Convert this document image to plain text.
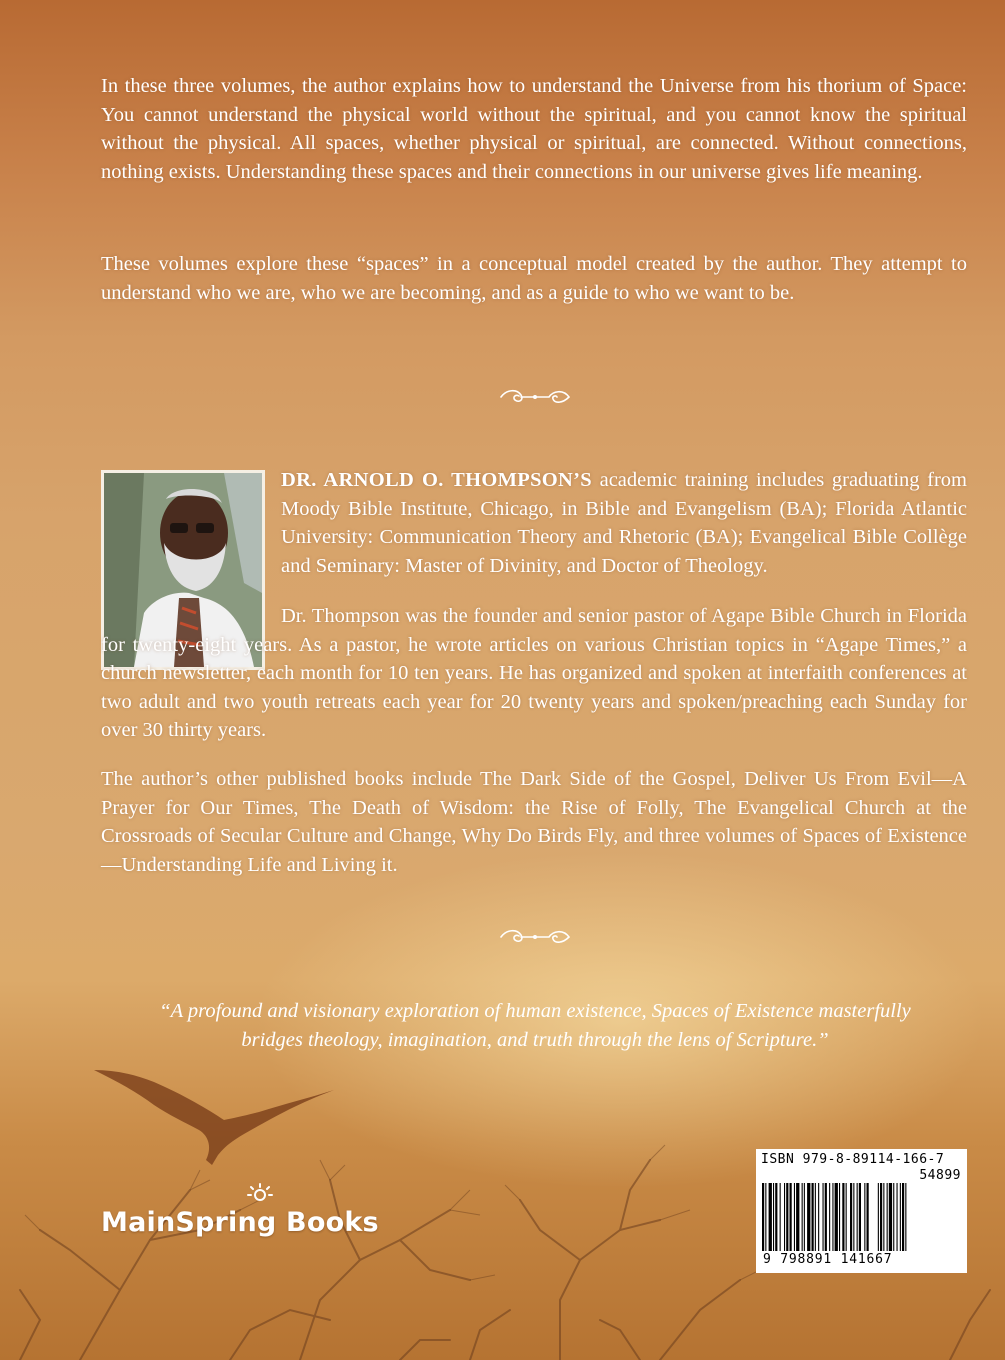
In these three volumes, the author explains how to understand the Universe from his thorium of Space: You cannot understand the physical world without the spiritual, and you cannot know the spiritual without the physical. All spaces, whether physical or spiritual, are connected. Without connections, nothing exists. Understanding these spaces and their connections in our universe gives life meaning.

These volumes explore these “spaces” in a conceptual model created by the author. They attempt to understand who we are, who we are becoming, and as a guide to who we want to be.

DR. ARNOLD O. THOMPSON’S academic training includes graduating from Moody Bible Institute, Chicago, in Bible and Evangelism (BA); Florida Atlantic University: Communication Theory and Rhetoric (BA); Evangelical Bible Collège and Seminary: Master of Divinity, and Doctor of Theology.

Dr. Thompson was the founder and senior pastor of Agape Bible Church in Florida for twenty-eight years. As a pastor, he wrote articles on various Christian topics in “Agape Times,” a church newsletter, each month for 10 ten years. He has organized and spoken at interfaith conferences at two adult and two youth retreats each year for 20 twenty years and spoken/preaching each Sunday for over 30 thirty years.

The author’s other published books include The Dark Side of the Gospel, Deliver Us From Evil—A Prayer for Our Times, The Death of Wisdom: the Rise of Folly, The Evangelical Church at the Crossroads of Secular Culture and Change, Why Do Birds Fly, and three volumes of Spaces of Existence—Understanding Life and Living it.

“A profound and visionary exploration of human existence, Spaces of Existence masterfully bridges theology, imagination, and truth through the lens of Scripture.”

MainSpring Books
ISBN 979-8-89114-166-7
54899
9 798891 141667
